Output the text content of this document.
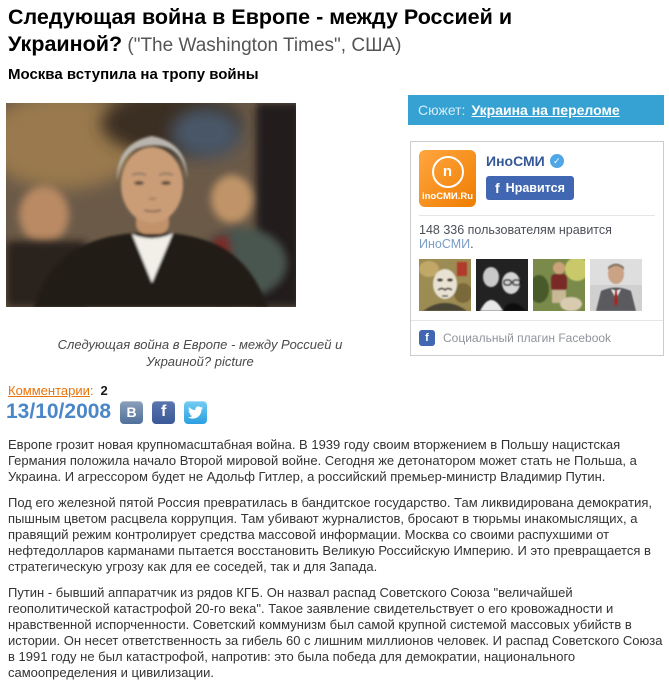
Следующая война в Европе - между Россией и Украиной? ("The Washington Times", США)
Москва вступила на тропу войны
Следующая война в Европе - между Россией и Украиной? picture
Комментарии: 2
13/10/2008	В	f

Европе грозит новая крупномасштабная война. В 1939 году своим вторжением в Польшу нацистская Германия положила начало Второй мировой войне. Сегодня же детонатором может стать не Польша, а Украина. И агрессором будет не Адольф Гитлер, а российский премьер-министр Владимир Путин.

Под его железной пятой Россия превратилась в бандитское государство. Там ликвидирована демократия, пышным цветом расцвела коррупция. Там убивают журналистов, бросают в тюрьмы инакомыслящих, а правящий режим контролирует средства массовой информации. Москва со своими распухшими от нефтедолларов карманами пытается восстановить Великую Российскую Империю. И это превращается в стратегическую угрозу как для ее соседей, так и для Запада.

Путин - бывший аппаратчик из рядов КГБ. Он назвал распад Советского Союза "величайшей геополитической катастрофой 20-го века". Такое заявление свидетельствует о его кровожадности и нравственной испорченности. Советский коммунизм был самой крупной системой массовых убийств в истории. Он несет ответственность за гибель 60 с лишним миллионов человек. И распад Советского Союза в 1991 году не был катастрофой, напротив: это была победа для демократии, национального самоопределения и цивилизации.

Сюжет: Украина на переломе
n
inoСМИ.Ru
ИноСМИ ✓
f Нравится
148 336 пользователям нравится ИноСМИ.
f	Социальный плагин Facebook
